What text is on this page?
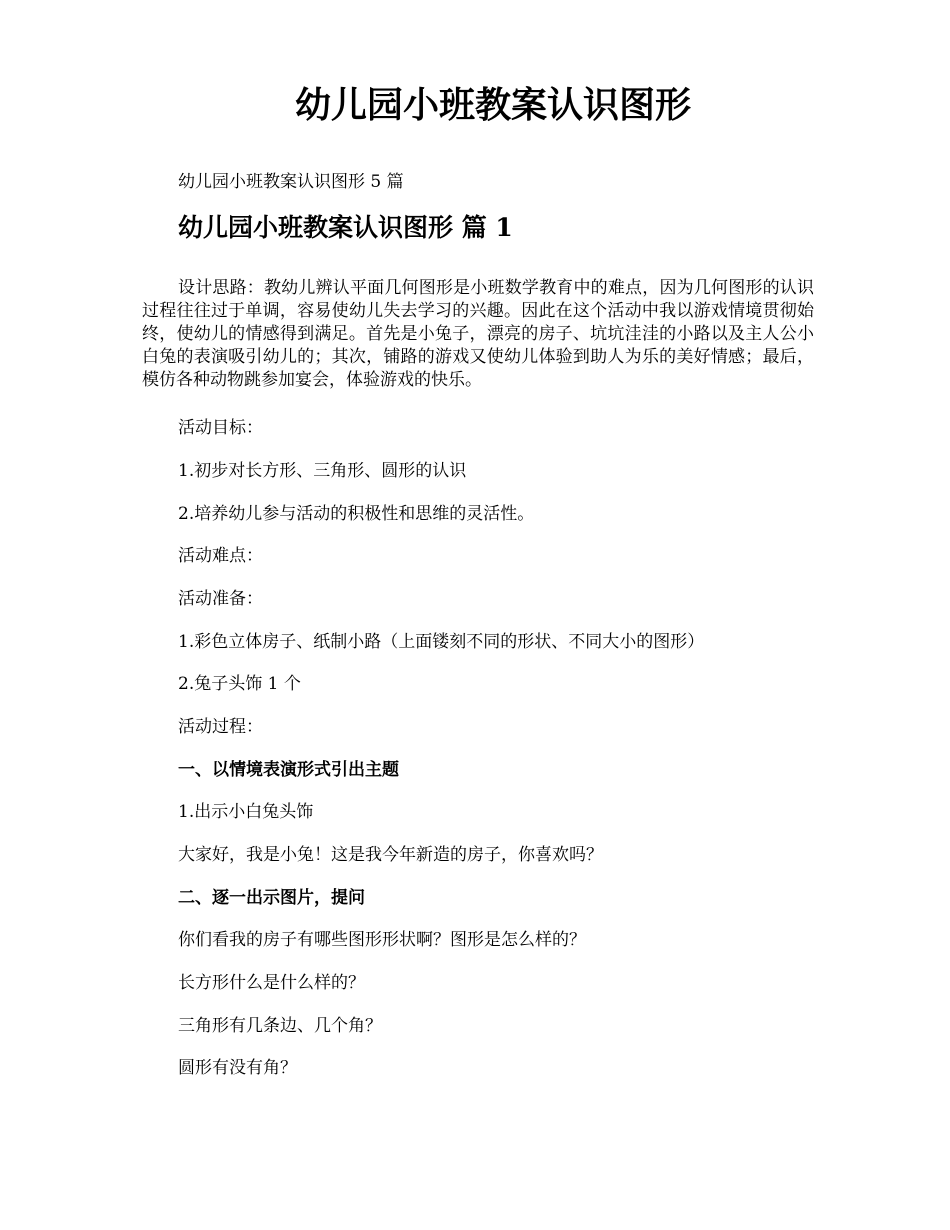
幼儿园小班教案认识图形

幼儿园小班教案认识图形 5 篇

幼儿园小班教案认识图形 篇 1

设计思路：教幼儿辨认平面几何图形是小班数学教育中的难点，因为几何图形的认识过程往往过于单调，容易使幼儿失去学习的兴趣。因此在这个活动中我以游戏情境贯彻始终，使幼儿的情感得到满足。首先是小兔子，漂亮的房子、坑坑洼洼的小路以及主人公小白兔的表演吸引幼儿的；其次，铺路的游戏又使幼儿体验到助人为乐的美好情感；最后，模仿各种动物跳参加宴会，体验游戏的快乐。

活动目标：

1.初步对长方形、三角形、圆形的认识

2.培养幼儿参与活动的积极性和思维的灵活性。

活动难点：

活动准备：

1.彩色立体房子、纸制小路（上面镂刻不同的形状、不同大小的图形）

2.兔子头饰 1 个

活动过程：

一、以情境表演形式引出主题

1.出示小白兔头饰

大家好，我是小兔！这是我今年新造的房子，你喜欢吗？

二、逐一出示图片，提问

你们看我的房子有哪些图形形状啊？图形是怎么样的？

长方形什么是什么样的？

三角形有几条边、几个角？

圆形有没有角？
